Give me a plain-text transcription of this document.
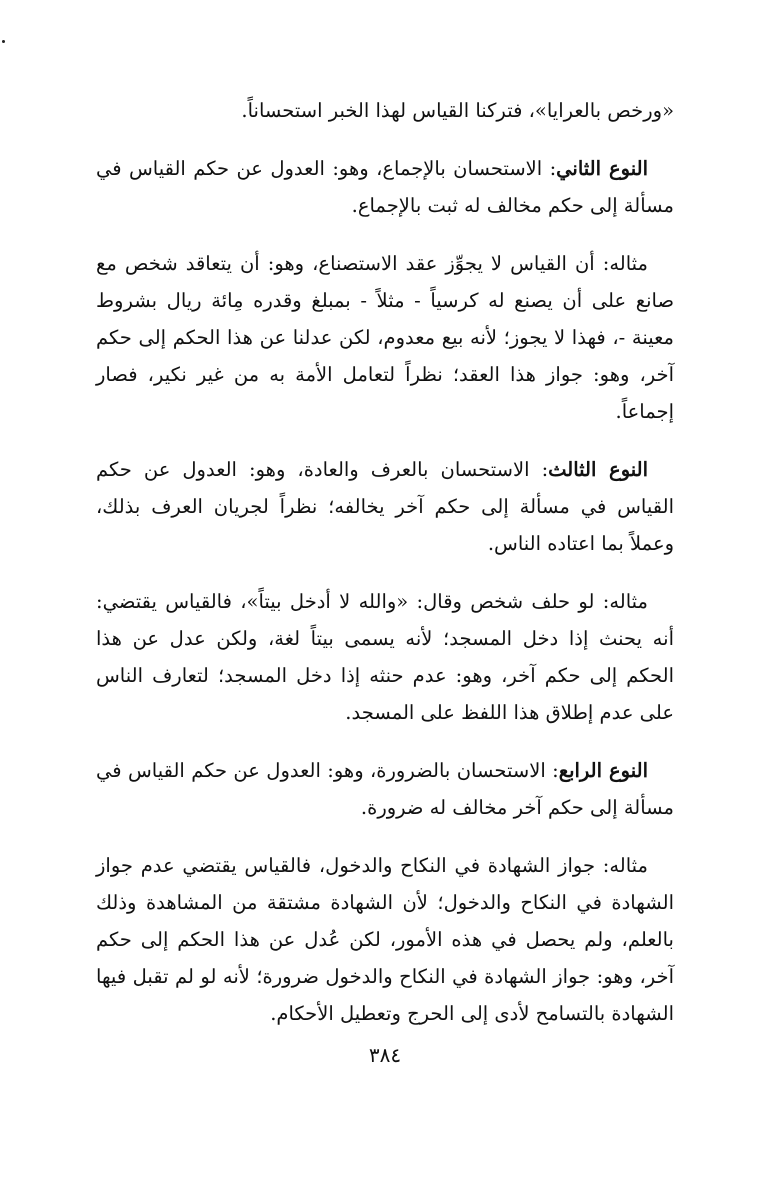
«ورخص بالعرايا»، فتركنا القياس لهذا الخبر استحساناً.

النوع الثاني: الاستحسان بالإجماع، وهو: العدول عن حكم القياس في مسألة إلى حكم مخالف له ثبت بالإجماع.

مثاله: أن القياس لا يجوِّز عقد الاستصناع، وهو: أن يتعاقد شخص مع صانع على أن يصنع له كرسياً - مثلاً - بمبلغ وقدره مِائة ريال بشروط معينة -، فهذا لا يجوز؛ لأنه بيع معدوم، لكن عدلنا عن هذا الحكم إلى حكم آخر، وهو: جواز هذا العقد؛ نظراً لتعامل الأمة به من غير نكير، فصار إجماعاً.

النوع الثالث: الاستحسان بالعرف والعادة، وهو: العدول عن حكم القياس في مسألة إلى حكم آخر يخالفه؛ نظراً لجريان العرف بذلك، وعملاً بما اعتاده الناس.

مثاله: لو حلف شخص وقال: «والله لا أدخل بيتاً»، فالقياس يقتضي: أنه يحنث إذا دخل المسجد؛ لأنه يسمى بيتاً لغة، ولكن عدل عن هذا الحكم إلى حكم آخر، وهو: عدم حنثه إذا دخل المسجد؛ لتعارف الناس على عدم إطلاق هذا اللفظ على المسجد.

النوع الرابع: الاستحسان بالضرورة، وهو: العدول عن حكم القياس في مسألة إلى حكم آخر مخالف له ضرورة.

مثاله: جواز الشهادة في النكاح والدخول، فالقياس يقتضي عدم جواز الشهادة في النكاح والدخول؛ لأن الشهادة مشتقة من المشاهدة وذلك بالعلم، ولم يحصل في هذه الأمور، لكن عُدل عن هذا الحكم إلى حكم آخر، وهو: جواز الشهادة في النكاح والدخول ضرورة؛ لأنه لو لم تقبل فيها الشهادة بالتسامح لأدى إلى الحرج وتعطيل الأحكام.

٣٨٤
